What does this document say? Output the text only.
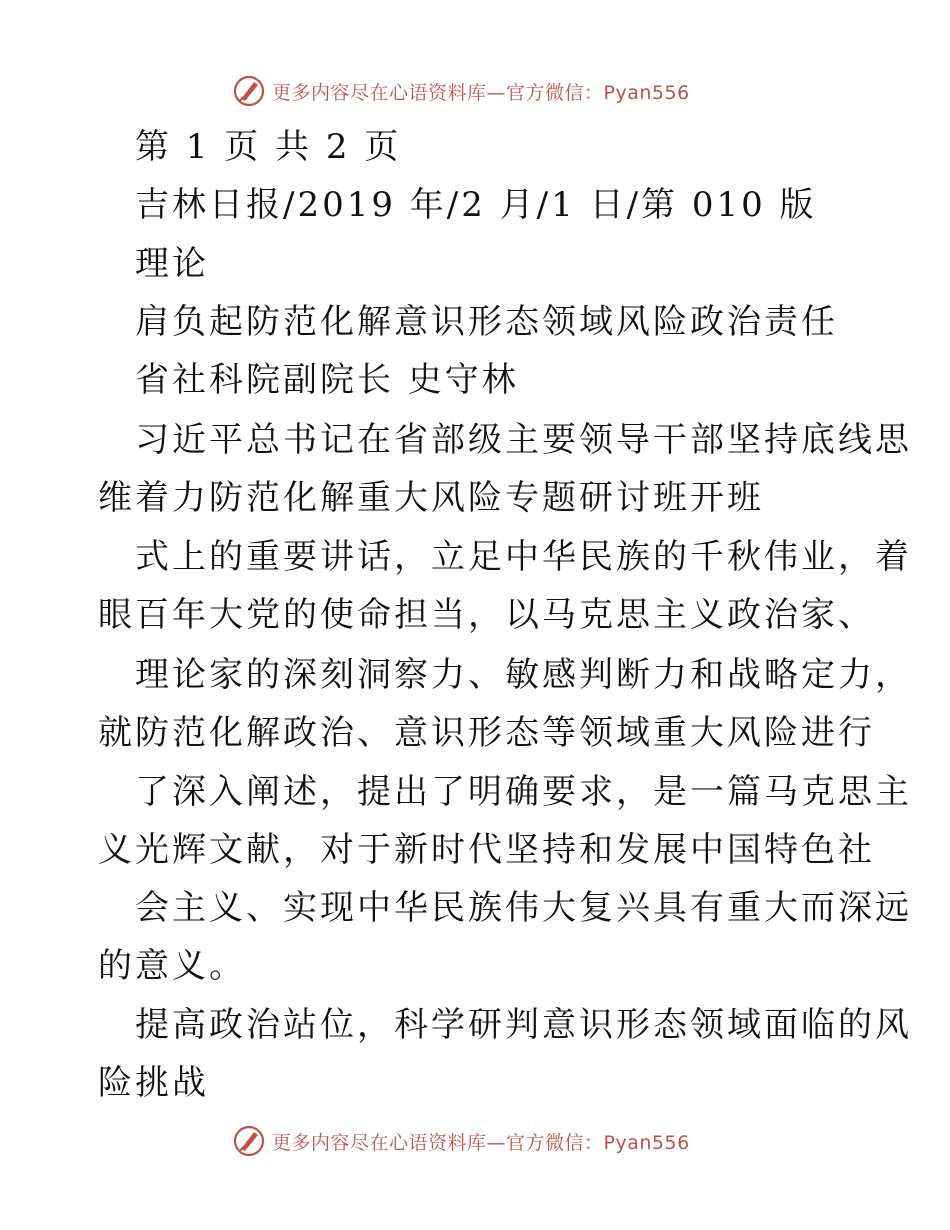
更多内容尽在心语资料库—官方微信：Pyan556
第 1 页 共 2 页
吉林日报/2019 年/2 月/1 日/第 010 版
理论
肩负起防范化解意识形态领域风险政治责任
省社科院副院长 史守林
习近平总书记在省部级主要领导干部坚持底线思
维着力防范化解重大风险专题研讨班开班
式上的重要讲话，立足中华民族的千秋伟业，着
眼百年大党的使命担当，以马克思主义政治家、
理论家的深刻洞察力、敏感判断力和战略定力，
就防范化解政治、意识形态等领域重大风险进行
了深入阐述，提出了明确要求，是一篇马克思主
义光辉文献，对于新时代坚持和发展中国特色社
会主义、实现中华民族伟大复兴具有重大而深远
的意义。
提高政治站位，科学研判意识形态领域面临的风
险挑战
更多内容尽在心语资料库—官方微信：Pyan556
